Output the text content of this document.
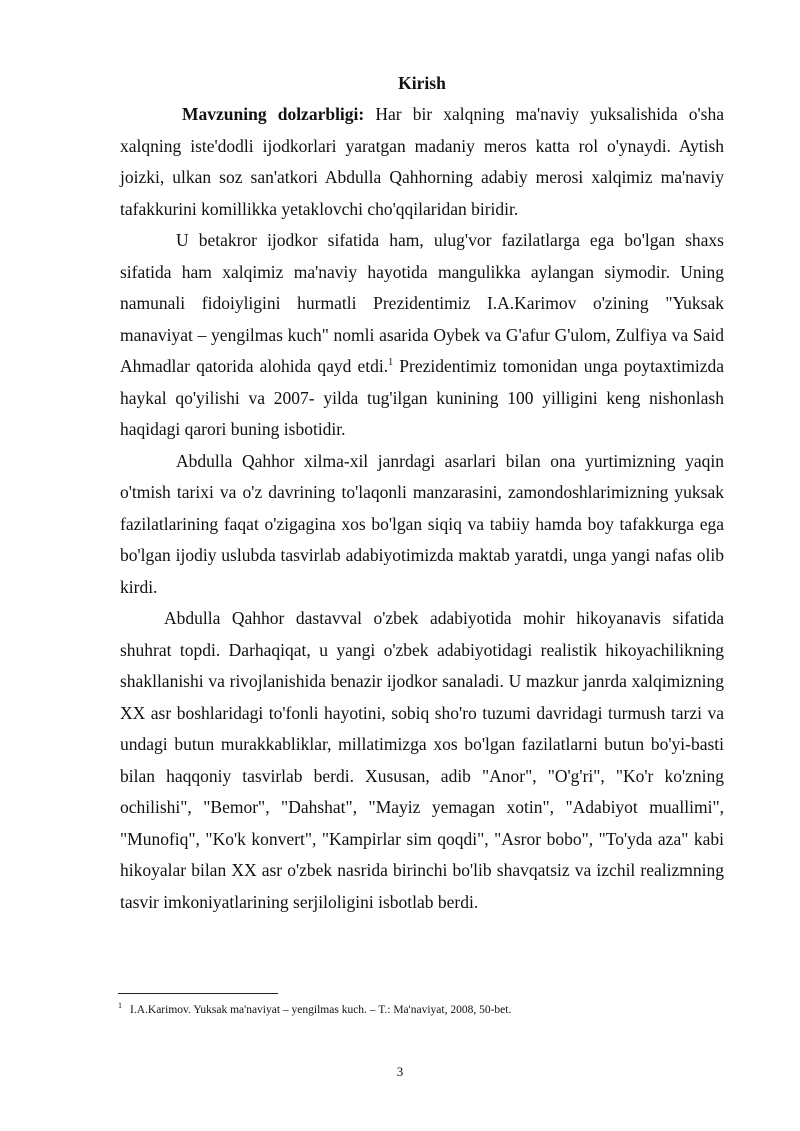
Kirish

Mavzuning dolzarbligi: Har bir xalqning ma'naviy yuksalishida o'sha xalqning iste'dodli ijodkorlari yaratgan madaniy meros katta rol o'ynaydi. Aytish joizki, ulkan soz san'atkori Abdulla Qahhorning adabiy merosi xalqimiz ma'naviy tafakkurini komillikka yetaklovchi cho'qqilaridan biridir.

U betakror ijodkor sifatida ham, ulug'vor fazilatlarga ega bo'lgan shaxs sifatida ham xalqimiz ma'naviy hayotida mangulikka aylangan siymodir. Uning namunali fidoiyligini hurmatli Prezidentimiz I.A.Karimov o'zining "Yuksak manaviyat – yengilmas kuch" nomli asarida Oybek va G'afur G'ulom, Zulfiya va Said Ahmadlar qatorida alohida qayd etdi.$^1$ Prezidentimiz tomonidan unga poytaxtimizda haykal qo'yilishi va 2007- yilda tug'ilgan kunining 100 yilligini keng nishonlash haqidagi qarori buning isbotidir.

Abdulla Qahhor xilma-xil janrdagi asarlari bilan ona yurtimizning yaqin o'tmish tarixi va o'z davrining to'laqonli manzarasini, zamondoshlarimizning yuksak fazilatlarining faqat o'zigagina xos bo'lgan siqiq va tabiiy hamda boy tafakkurga ega bo'lgan ijodiy uslubda tasvirlab adabiyotimizda maktab yaratdi, unga yangi nafas olib kirdi.

Abdulla Qahhor dastavval o'zbek adabiyotida mohir hikoyanavis sifatida shuhrat topdi. Darhaqiqat, u yangi o'zbek adabiyotidagi realistik hikoyachilikning shakllanishi va rivojlanishida benazir ijodkor sanaladi. U mazkur janrda xalqimizning XX asr boshlaridagi to'fonli hayotini, sobiq sho'ro tuzumi davridagi turmush tarzi va undagi butun murakkabliklar, millatimizga xos bo'lgan fazilatlarni butun bo'yi-basti bilan haqqoniy tasvirlab berdi. Xususan, adib "Anor", "O'g'ri", "Ko'r ko'zning ochilishi", "Bemor", "Dahshat", "Mayiz yemagan xotin", "Adabiyot muallimi", "Munofiq", "Ko'k konvert", "Kampirlar sim qoqdi", "Asror bobo", "To'yda aza" kabi hikoyalar bilan XX asr o'zbek nasrida birinchi bo'lib shavqatsiz va izchil realizmning tasvir imkoniyatlarining serjiloligini isbotlab berdi.

$^1$ I.A.Karimov. Yuksak ma'naviyat – yengilmas kuch. – T.: Ma'naviyat, 2008, 50-bet.
3
